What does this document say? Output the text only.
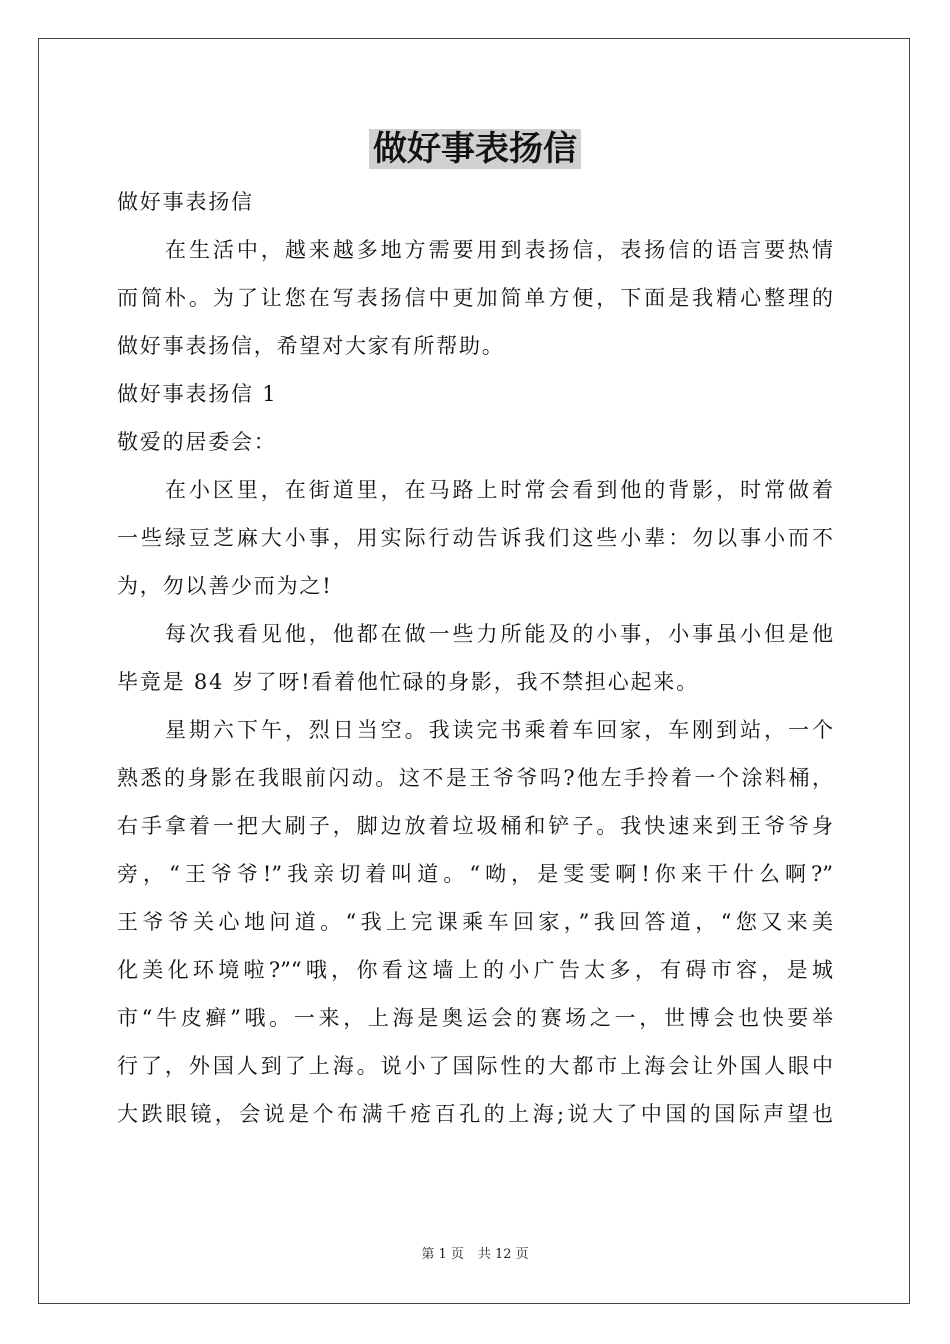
做好事表扬信
做好事表扬信
在生活中，越来越多地方需要用到表扬信，表扬信的语言要热情
而简朴。为了让您在写表扬信中更加简单方便，下面是我精心整理的
做好事表扬信，希望对大家有所帮助。
做好事表扬信 1
敬爱的居委会：
在小区里，在街道里，在马路上时常会看到他的背影，时常做着
一些绿豆芝麻大小事，用实际行动告诉我们这些小辈：勿以事小而不
为，勿以善少而为之!
每次我看见他，他都在做一些力所能及的小事，小事虽小但是他
毕竟是 84 岁了呀!看着他忙碌的身影，我不禁担心起来。
星期六下午，烈日当空。我读完书乘着车回家，车刚到站，一个
熟悉的身影在我眼前闪动。这不是王爷爷吗?他左手拎着一个涂料桶，
右手拿着一把大刷子，脚边放着垃圾桶和铲子。我快速来到王爷爷身
旁，“王爷爷!”我亲切着叫道。“呦，是雯雯啊!你来干什么啊?”
王爷爷关心地问道。“我上完课乘车回家，”我回答道，“您又来美
化美化环境啦?”“哦，你看这墙上的小广告太多，有碍市容，是城
市“牛皮癣”哦。一来，上海是奥运会的赛场之一，世博会也快要举
行了，外国人到了上海。说小了国际性的大都市上海会让外国人眼中
大跌眼镜，会说是个布满千疮百孔的上海;说大了中国的国际声望也
第 1 页 共 12 页
